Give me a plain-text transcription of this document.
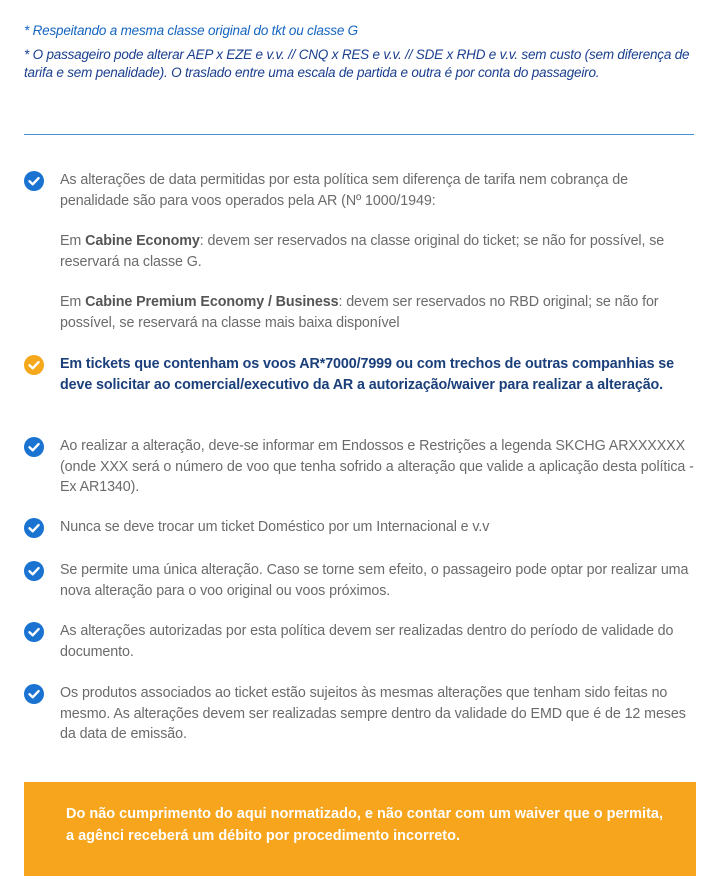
* Respeitando a mesma classe original do tkt ou classe G

* O passageiro pode alterar AEP x EZE e v.v. // CNQ x RES e v.v. // SDE x RHD e v.v. sem custo (sem diferença de tarifa e sem penalidade). O traslado entre uma escala de partida e outra é por conta do passageiro.

As alterações de data permitidas por esta política sem diferença de tarifa nem cobrança de penalidade são para voos operados pela AR (Nº 1000/1949:

Em Cabine Economy: devem ser reservados na classe original do ticket; se não for possível, se reservará na classe G.

Em Cabine Premium Economy / Business: devem ser reservados no RBD original; se não for possível, se reservará na classe mais baixa disponível

Em tickets que contenham os voos AR*7000/7999 ou com trechos de outras companhias se deve solicitar ao comercial/executivo da AR a autorização/waiver para realizar a alteração.
Ao realizar a alteração, deve-se informar em Endossos e Restrições a legenda SKCHG ARXXXXXX (onde XXX será o número de voo que tenha sofrido a alteração que valide a aplicação desta política - Ex AR1340).
Nunca se deve trocar um ticket Doméstico por um Internacional e v.v
Se permite uma única alteração. Caso se torne sem efeito, o passageiro pode optar por realizar uma nova alteração para o voo original ou voos próximos.
As alterações autorizadas por esta política devem ser realizadas dentro do período de validade do documento.
Os produtos associados ao ticket estão sujeitos às mesmas alterações que tenham sido feitas no mesmo. As alterações devem ser realizadas sempre dentro da validade do EMD que é de 12 meses da data de emissão.
Do não cumprimento do aqui normatizado, e não contar com um waiver que o permita, a agênci receberá um débito por procedimento incorreto.
